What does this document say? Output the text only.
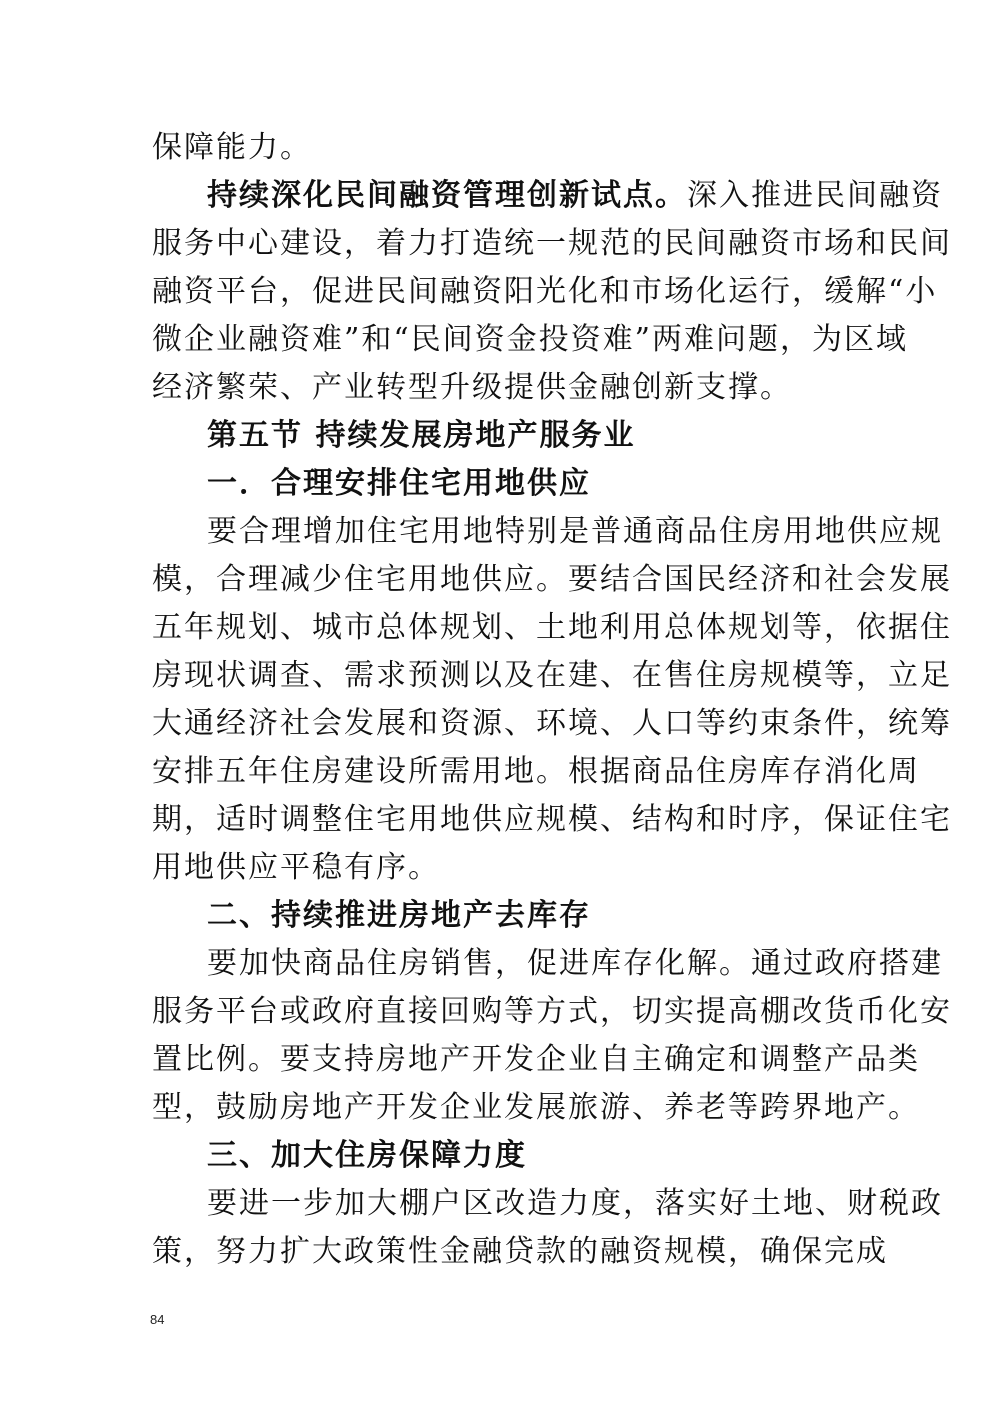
保障能力。
持续深化民间融资管理创新试点。深入推进民间融资
服务中心建设，着力打造统一规范的民间融资市场和民间
融资平台，促进民间融资阳光化和市场化运行，缓解“小
微企业融资难”和“民间资金投资难”两难问题，为区域
经济繁荣、产业转型升级提供金融创新支撑。
第五节 持续发展房地产服务业
一．合理安排住宅用地供应
要合理增加住宅用地特别是普通商品住房用地供应规
模，合理减少住宅用地供应。要结合国民经济和社会发展
五年规划、城市总体规划、土地利用总体规划等，依据住
房现状调查、需求预测以及在建、在售住房规模等，立足
大通经济社会发展和资源、环境、人口等约束条件，统筹
安排五年住房建设所需用地。根据商品住房库存消化周
期，适时调整住宅用地供应规模、结构和时序，保证住宅
用地供应平稳有序。
二、持续推进房地产去库存
要加快商品住房销售，促进库存化解。通过政府搭建
服务平台或政府直接回购等方式，切实提高棚改货币化安
置比例。要支持房地产开发企业自主确定和调整产品类
型，鼓励房地产开发企业发展旅游、养老等跨界地产。
三、加大住房保障力度
要进一步加大棚户区改造力度，落实好土地、财税政
策，努力扩大政策性金融贷款的融资规模，确保完成
84
